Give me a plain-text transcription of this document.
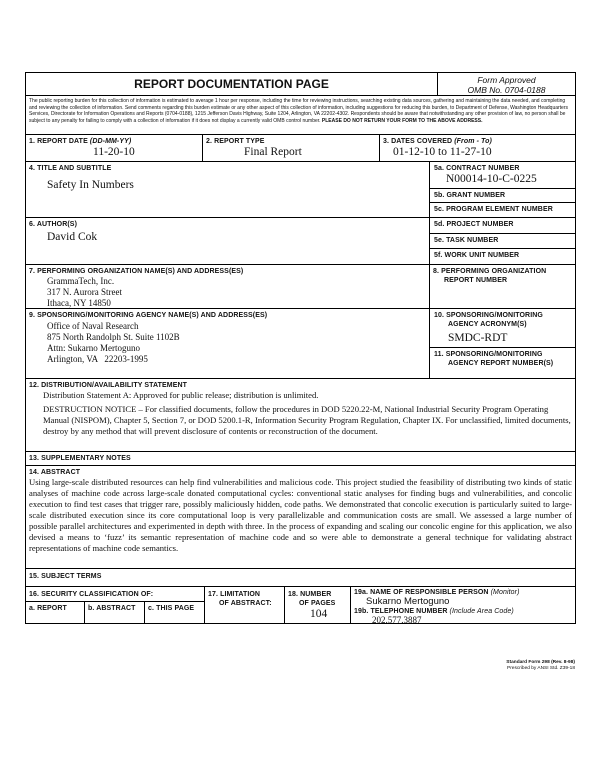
REPORT DOCUMENTATION PAGE	Form Approved
OMB No. 0704-0188
The public reporting burden for this collection of information is estimated to average 1 hour per response, including the time for reviewing instructions, searching existing data sources, gathering and maintaining the data needed, and completing and reviewing the collection of information. Send comments regarding this burden estimate or any other aspect of this collection of information, including suggestions for reducing this burden, to Department of Defense, Washington Headquarters Services, Directorate for Information Operations and Reports (0704-0188), 1215 Jefferson Davis Highway, Suite 1204, Arlington, VA 22202-4302. Respondents should be aware that notwithstanding any other provision of law, no person shall be subject to any penalty for failing to comply with a collection of information if it does not display a currently valid OMB control number. PLEASE DO NOT RETURN YOUR FORM TO THE ABOVE ADDRESS.
1. REPORT DATE (DD-MM-YY)
11-20-10
2. REPORT TYPE
Final Report
3. DATES COVERED (From - To)
01-12-10 to 11-27-10
4. TITLE AND SUBTITLE
Safety In Numbers
5a. CONTRACT NUMBER
N00014-10-C-0225
5b. GRANT NUMBER
5c. PROGRAM ELEMENT NUMBER
6. AUTHOR(S)
David Cok
5d. PROJECT NUMBER
5e. TASK NUMBER
5f. WORK UNIT NUMBER
7. PERFORMING ORGANIZATION NAME(S) AND ADDRESS(ES)
GrammaTech, Inc.
317 N. Aurora Street
Ithaca, NY 14850
8. PERFORMING ORGANIZATION
REPORT NUMBER
9. SPONSORING/MONITORING AGENCY NAME(S) AND ADDRESS(ES)
Office of Naval Research
875 North Randolph St. Suite 1102B
Attn: Sukarno Mertoguno
Arlington, VA   22203-1995
10. SPONSORING/MONITORING
AGENCY ACRONYM(S)
SMDC-RDT
11. SPONSORING/MONITORING
AGENCY REPORT NUMBER(S)
12. DISTRIBUTION/AVAILABILITY STATEMENT
Distribution Statement A: Approved for public release; distribution is unlimited.
DESTRUCTION NOTICE – For classified documents, follow the procedures in DOD 5220.22-M, National Industrial Security Program Operating Manual (NISPOM), Chapter 5, Section 7, or DOD 5200.1-R, Information Security Program Regulation, Chapter IX. For unclassified, limited documents, destroy by any method that will prevent disclosure of contents or reconstruction of the document.
13. SUPPLEMENTARY NOTES
14. ABSTRACT
Using large-scale distributed resources can help find vulnerabilities and malicious code. This project studied the feasibility of distributing two kinds of static analyses of machine code across large-scale donated computational cycles: conventional static analyses for finding bugs and vulnerabilities, and concolic execution to find test cases that trigger rare, possibly maliciously hidden, code paths. We demonstrated that concolic execution is particularly suited to large-scale distributed execution since its core computational loop is very parallelizable and communication costs are small. We assessed a large number of possible parallel architectures and experimented in depth with three. In the process of expanding and scaling our concolic engine for this application, we also devised a means to ‘fuzz’ its semantic representation of machine code and so were able to demonstrate a general technique for validating abstract representations of machine code semantics.
15. SUBJECT TERMS
16. SECURITY CLASSIFICATION OF:
a. REPORT	b. ABSTRACT	c. THIS PAGE
17. LIMITATION
OF ABSTRACT:
18. NUMBER
OF PAGES
104
19a. NAME OF RESPONSIBLE PERSON (Monitor)
Sukarno Mertoguno
19b. TELEPHONE NUMBER (Include Area Code)
202.577.3887
Standard Form 298 (Rev. 8-98)
Prescribed by ANSI Std. Z39-18
